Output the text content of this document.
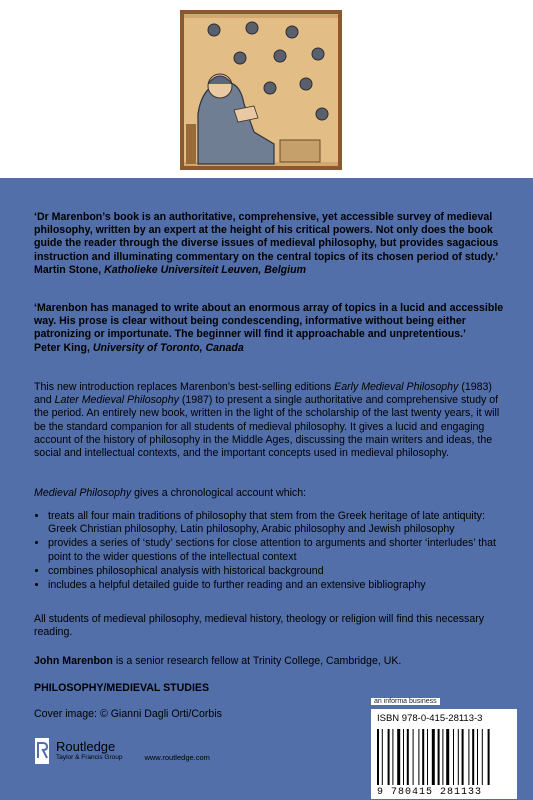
‘Dr Marenbon’s book is an authoritative, comprehensive, yet accessible survey of medieval philosophy, written by an expert at the height of his critical powers. Not only does the book guide the reader through the diverse issues of medieval philosophy, but provides sagacious instruction and illuminating commentary on the central topics of its chosen period of study.’

Martin Stone, Katholieke Universiteit Leuven, Belgium

‘Marenbon has managed to write about an enormous array of topics in a lucid and accessible way. His prose is clear without being condescending, informative without being either patronizing or importunate. The beginner will find it approachable and unpretentious.’

Peter King, University of Toronto, Canada

This new introduction replaces Marenbon’s best-selling editions Early Medieval Philosophy (1983) and Later Medieval Philosophy (1987) to present a single authoritative and comprehensive study of the period. An entirely new book, written in the light of the scholarship of the last twenty years, it will be the standard companion for all students of medieval philosophy. It gives a lucid and engaging account of the history of philosophy in the Middle Ages, discussing the main writers and ideas, the social and intellectual contexts, and the important concepts used in medieval philosophy.

Medieval Philosophy gives a chronological account which:

• treats all four main traditions of philosophy that stem from the Greek heritage of late antiquity: Greek Christian philosophy, Latin philosophy, Arabic philosophy and Jewish philosophy
• provides a series of ‘study’ sections for close attention to arguments and shorter ‘interludes’ that point to the wider questions of the intellectual context
• combines philosophical analysis with historical background
• includes a helpful detailed guide to further reading and an extensive bibliography

All students of medieval philosophy, medieval history, theology or religion will find this necessary reading.

John Marenbon is a senior research fellow at Trinity College, Cambridge, UK.

PHILOSOPHY/MEDIEVAL STUDIES
Cover image: © Gianni Dagli Orti/Corbis
Routledge
Taylor & Francis Group	www.routledge.com
an informa business
ISBN 978-0-415-28113-3
9 780415 281133
